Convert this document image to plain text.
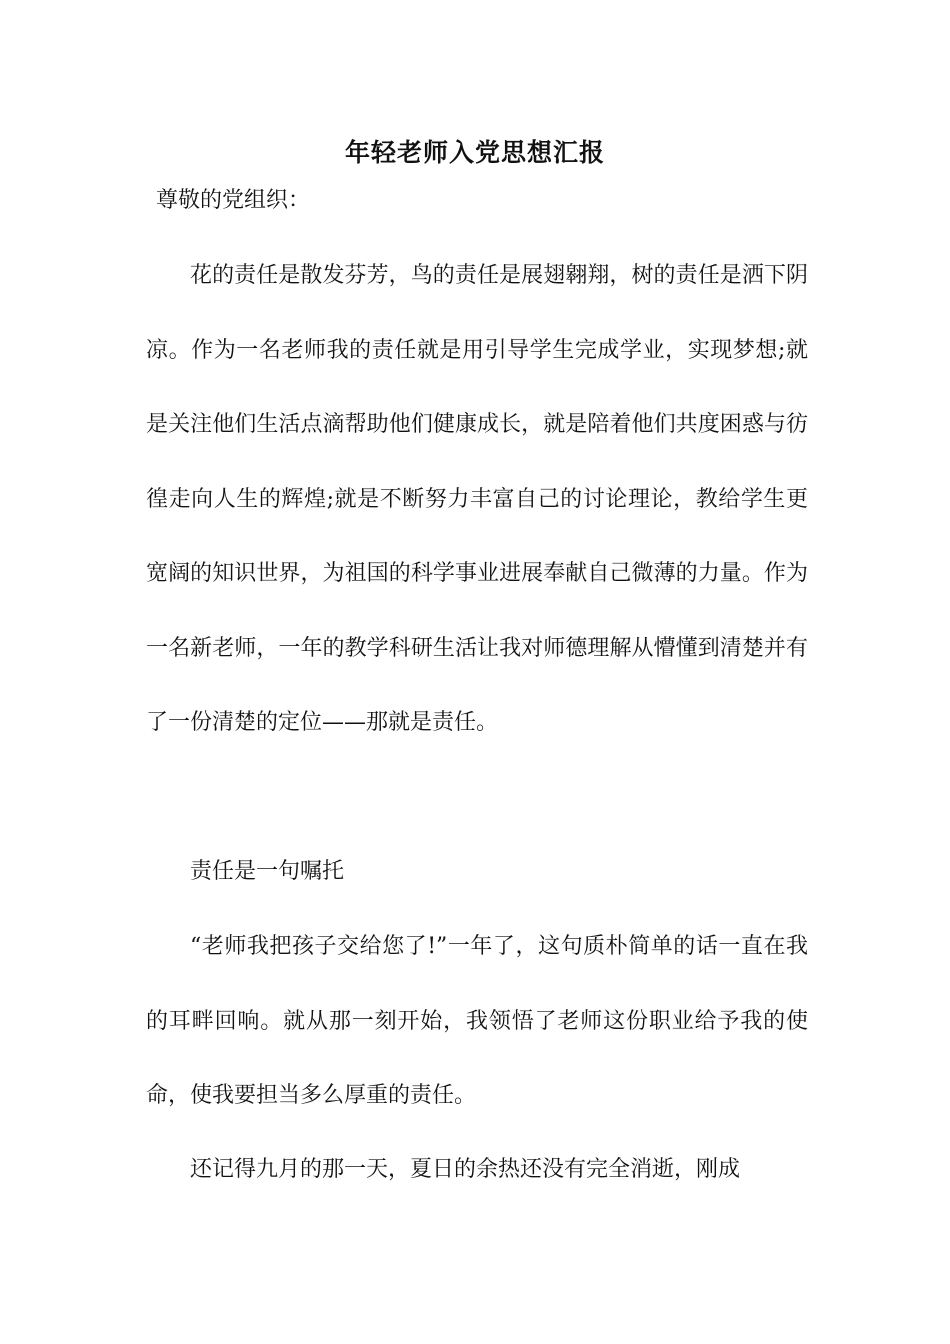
年轻老师入党思想汇报
尊敬的党组织：

花的责任是散发芬芳，鸟的责任是展翅翱翔，树的责任是洒下阴凉。作为一名老师我的责任就是用引导学生完成学业，实现梦想;就是关注他们生活点滴帮助他们健康成长，就是陪着他们共度困惑与彷徨走向人生的辉煌;就是不断努力丰富自己的讨论理论，教给学生更宽阔的知识世界，为祖国的科学事业进展奉献自己微薄的力量。作为一名新老师，一年的教学科研生活让我对师德理解从懵懂到清楚并有了一份清楚的定位——那就是责任。

责任是一句嘱托

“老师我把孩子交给您了!”一年了，这句质朴简单的话一直在我的耳畔回响。就从那一刻开始，我领悟了老师这份职业给予我的使命，使我要担当多么厚重的责任。

还记得九月的那一天，夏日的余热还没有完全消逝，刚成
